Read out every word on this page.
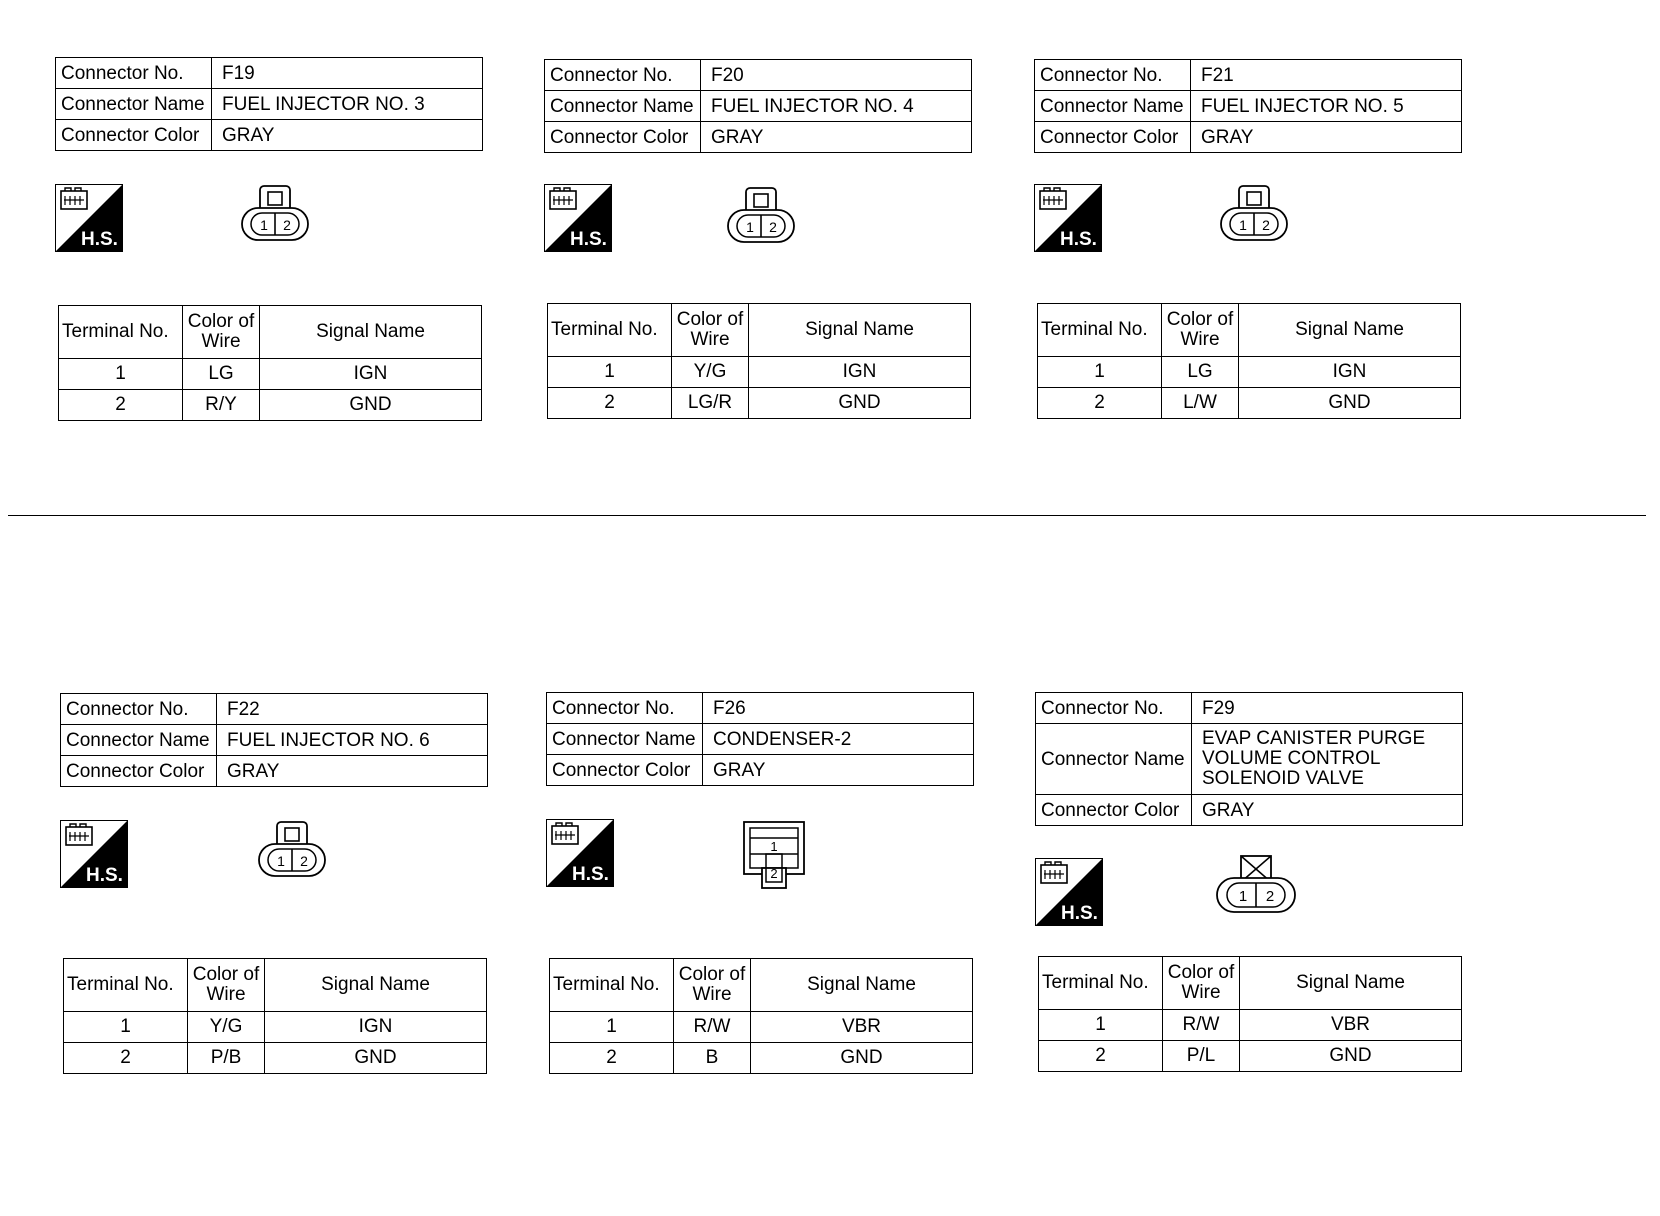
Connector No.	F19
Connector Name	FUEL INJECTOR NO. 3
Connector Color	GRAY
H.S.
1 2
Terminal No.	Color of Wire	Signal Name
1	LG	IGN
2	R/Y	GND
Connector No.	F20
Connector Name	FUEL INJECTOR NO. 4
Connector Color	GRAY
H.S.
1 2
Terminal No.	Color of Wire	Signal Name
1	Y/G	IGN
2	LG/R	GND
Connector No.	F21
Connector Name	FUEL INJECTOR NO. 5
Connector Color	GRAY
H.S.
1 2
Terminal No.	Color of Wire	Signal Name
1	LG	IGN
2	L/W	GND
Connector No.	F22
Connector Name	FUEL INJECTOR NO. 6
Connector Color	GRAY
H.S.
1 2
Terminal No.	Color of Wire	Signal Name
1	Y/G	IGN
2	P/B	GND
Connector No.	F26
Connector Name	CONDENSER-2
Connector Color	GRAY
H.S.
1
2
Terminal No.	Color of Wire	Signal Name
1	R/W	VBR
2	B	GND
Connector No.	F29
Connector Name	EVAP CANISTER PURGE VOLUME CONTROL SOLENOID VALVE
Connector Color	GRAY
H.S.
1 2
Terminal No.	Color of Wire	Signal Name
1	R/W	VBR
2	P/L	GND
